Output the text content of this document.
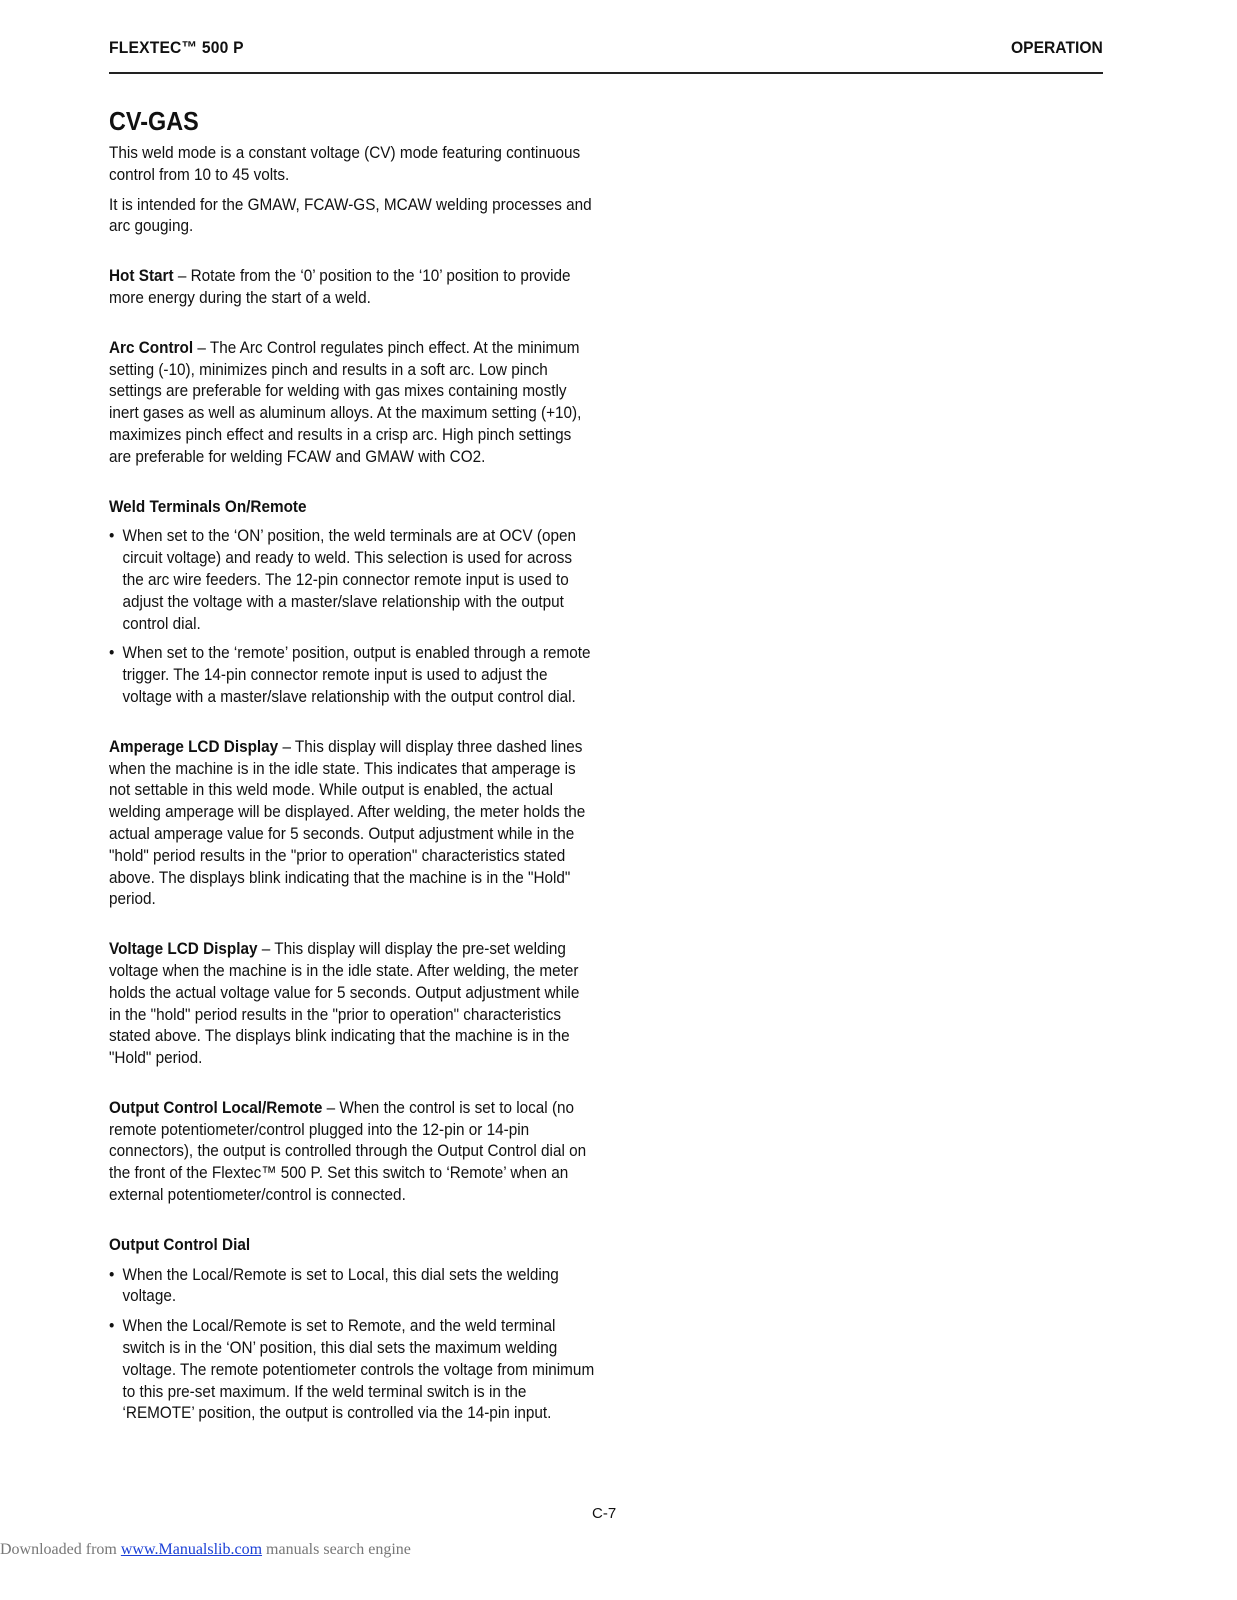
FLEXTEC™ 500 P	OPERATION
CV-GAS

This weld mode is a constant voltage (CV) mode featuring continuous control from 10 to 45 volts.

It is intended for the GMAW, FCAW-GS, MCAW welding processes and arc gouging.

Hot Start – Rotate from the ‘0’ position to the ‘10’ position to provide more energy during the start of a weld.

Arc Control – The Arc Control regulates pinch effect. At the minimum setting (-10), minimizes pinch and results in a soft arc. Low pinch settings are preferable for welding with gas mixes containing mostly inert gases as well as aluminum alloys. At the maximum setting (+10), maximizes pinch effect and results in a crisp arc. High pinch settings are preferable for welding FCAW and GMAW with CO2.

Weld Terminals On/Remote
• When set to the ‘ON’ position, the weld terminals are at OCV (open circuit voltage) and ready to weld. This selection is used for across the arc wire feeders. The 12-pin connector remote input is used to adjust the voltage with a master/slave relationship with the output control dial.
• When set to the ‘remote’ position, output is enabled through a remote trigger. The 14-pin connector remote input is used to adjust the voltage with a master/slave relationship with the output control dial.

Amperage LCD Display – This display will display three dashed lines when the machine is in the idle state. This indicates that amperage is not settable in this weld mode. While output is enabled, the actual welding amperage will be displayed. After welding, the meter holds the actual amperage value for 5 seconds. Output adjustment while in the "hold" period results in the "prior to operation" characteristics stated above. The displays blink indicating that the machine is in the "Hold" period.

Voltage LCD Display – This display will display the pre-set welding voltage when the machine is in the idle state. After welding, the meter holds the actual voltage value for 5 seconds. Output adjustment while in the "hold" period results in the "prior to operation" characteristics stated above. The displays blink indicating that the machine is in the "Hold" period.

Output Control Local/Remote – When the control is set to local (no remote potentiometer/control plugged into the 12-pin or 14-pin connectors), the output is controlled through the Output Control dial on the front of the Flextec™ 500 P. Set this switch to ‘Remote’ when an external potentiometer/control is connected.

Output Control Dial
• When the Local/Remote is set to Local, this dial sets the welding voltage.
• When the Local/Remote is set to Remote, and the weld terminal switch is in the ‘ON’ position, this dial sets the maximum welding voltage. The remote potentiometer controls the voltage from minimum to this pre-set maximum. If the weld terminal switch is in the ‘REMOTE’ position, the output is controlled via the 14-pin input.
C-7
Downloaded from www.Manualslib.com manuals search engine
